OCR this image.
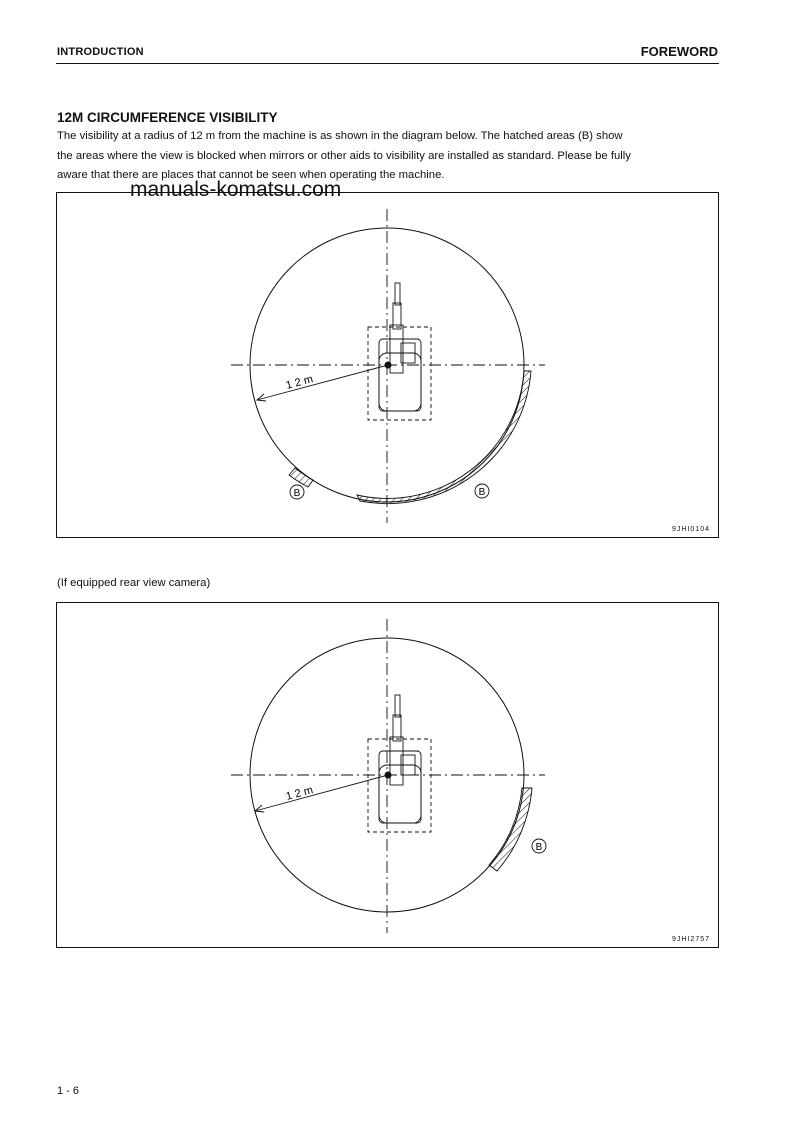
INTRODUCTION	FOREWORD
12M CIRCUMFERENCE VISIBILITY
The visibility at a radius of 12 m from the machine is as shown in the diagram below. The hatched areas (B) show
the areas where the view is blocked when mirrors or other aids to visibility are installed as standard. Please be fully
aware that there are places that cannot be seen when operating the machine.
1 2 m
B	B
9JHI0104
manuals-komatsu.com
(If equipped rear view camera)
1 2 m
B
9JHI2757
1 - 6
